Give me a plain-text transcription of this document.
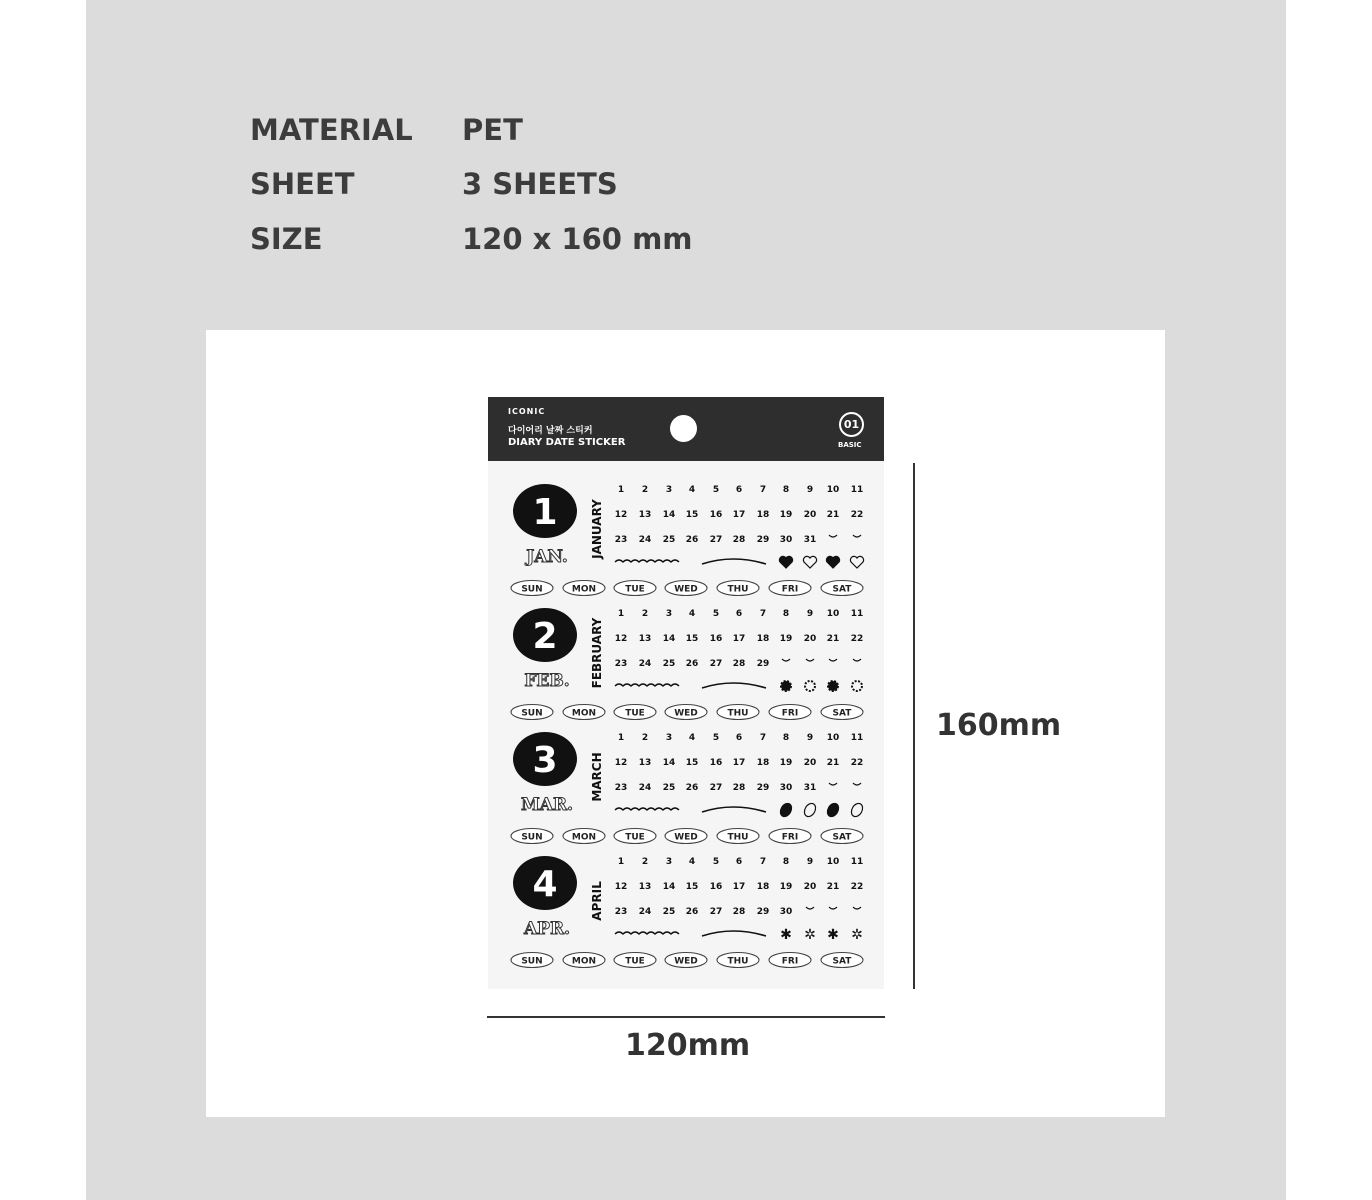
MATERIAL PET
SHEET	3 SHEETS
SIZE	120 x 160 mm
ICONIC
다이어리 날짜 스티커
DIARY DATE STICKER
01
BASIC
1
JAN. JANUARY
1 2 3 4 5 6 7 8 9 10 11
12 13 14 15 16 17 18 19 20 21 22
23 24 25 26 27 28 29 30 31
SUN	MON	TUE	WED	THU	FRI	SAT
2
FEB. FEBRUARY
1 2 3 4 5 6 7 8 9 10 11
12 13 14 15 16 17 18 19 20 21 22
23 24 25 26 27 28 29
SUN	MON	TUE	WED	THU	FRI	SAT
3
MAR.
MARCH
1 2 3 4 5 6 7 8 9 10 11
12 13 14 15 16 17 18 19 20 21 22
23 24 25 26 27 28 29 30 31
SUN	MON	TUE	WED	THU	FRI	SAT
4
APR.
APRIL
1 2 3 4 5 6 7 8 9 10 11
12 13 14 15 16 17 18 19 20 21 22
23 24 25 26 27 28 29 30
✱ ✲ ✱ ✲
SUN	MON	TUE	WED	THU	FRI	SAT
160mm
120mm
